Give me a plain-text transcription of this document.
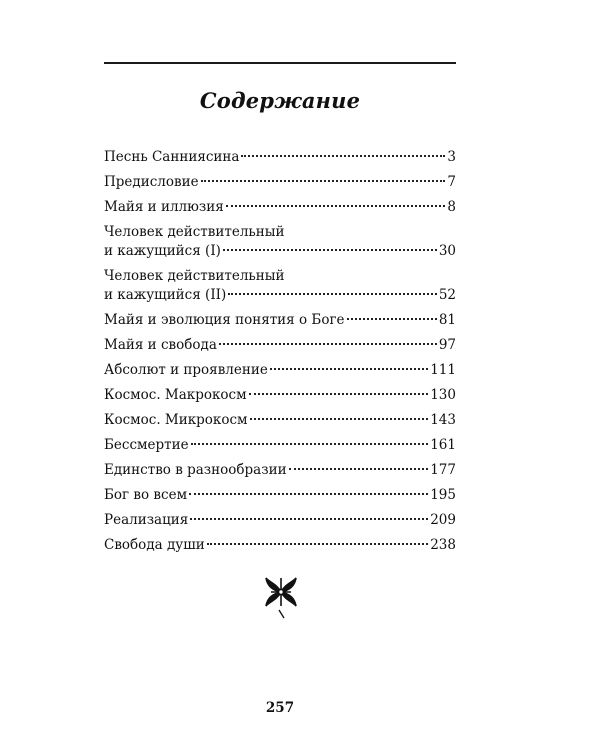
Содержание
Песнь Санниясина	3
Предисловие	7
Майя и иллюзия	8
Человек действительный
и кажущийся (I)	30
Человек действительный
и кажущийся (II)	52
Майя и эволюция понятия о Боге	81
Майя и свобода	97
Абсолют и проявление	111
Космос. Макрокосм	130
Космос. Микрокосм	143
Бессмертие	161
Единство в разнообразии	177
Бог во всем	195
Реализация	209
Свобода души	238
257
